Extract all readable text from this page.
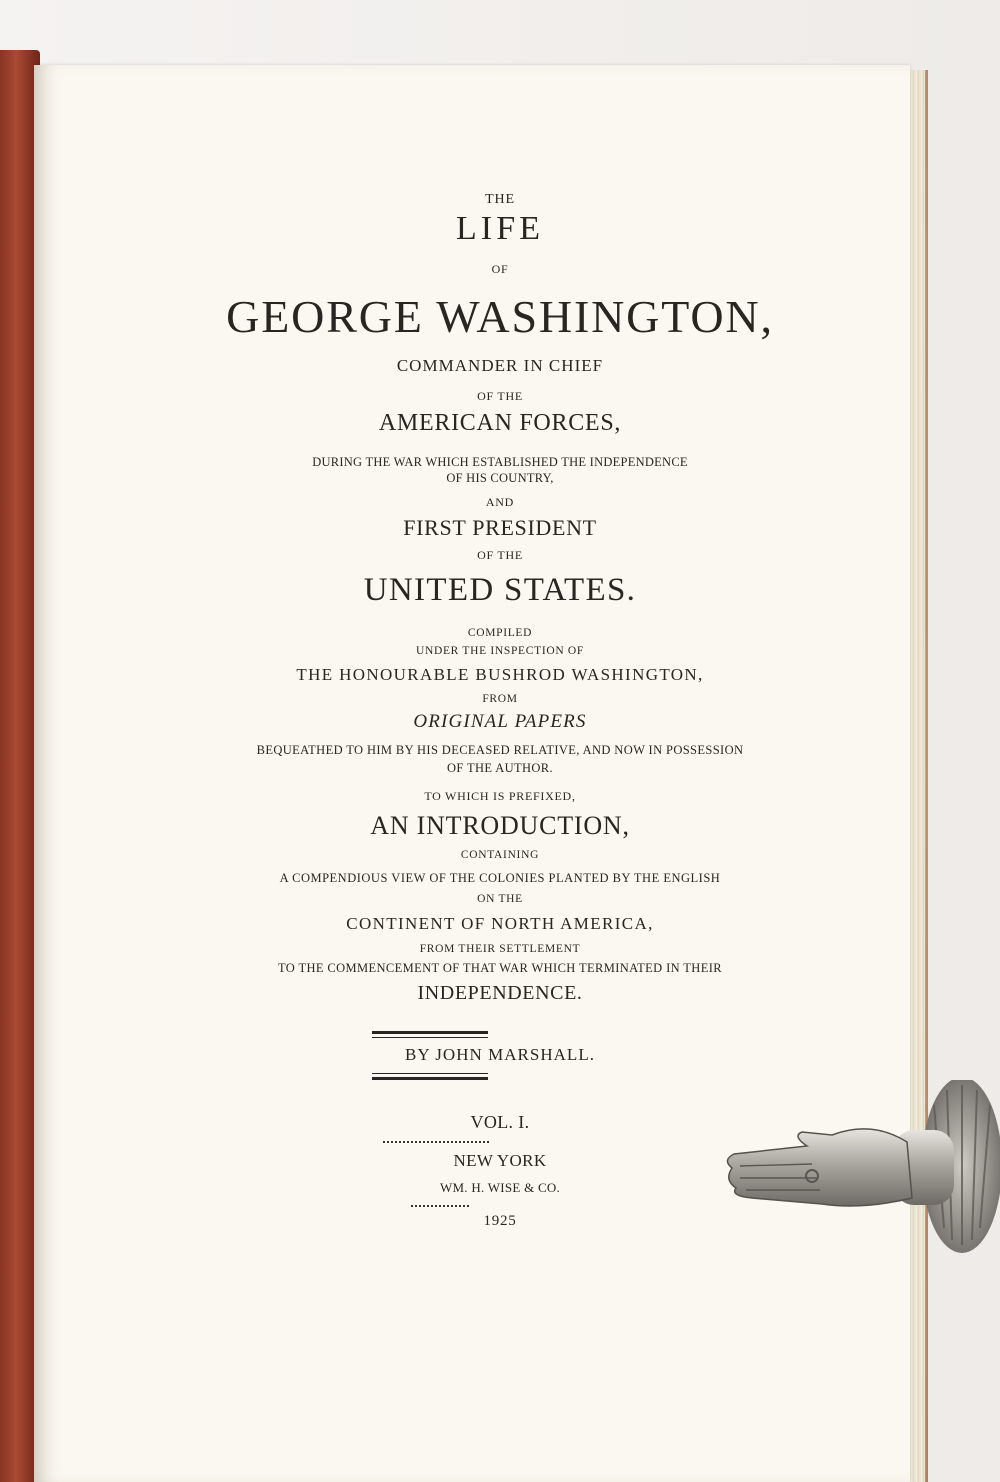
THE
LIFE
OF
GEORGE WASHINGTON,
COMMANDER IN CHIEF
OF THE
AMERICAN FORCES,
DURING THE WAR WHICH ESTABLISHED THE INDEPENDENCE
OF HIS COUNTRY,
AND
FIRST PRESIDENT
OF THE
UNITED STATES.
COMPILED
UNDER THE INSPECTION OF
THE HONOURABLE BUSHROD WASHINGTON,
FROM
ORIGINAL PAPERS
BEQUEATHED TO HIM BY HIS DECEASED RELATIVE, AND NOW IN POSSESSION
OF THE AUTHOR.
TO WHICH IS PREFIXED,
AN INTRODUCTION,
CONTAINING
A COMPENDIOUS VIEW OF THE COLONIES PLANTED BY THE ENGLISH
ON THE
CONTINENT OF NORTH AMERICA,
FROM THEIR SETTLEMENT
TO THE COMMENCEMENT OF THAT WAR WHICH TERMINATED IN THEIR
INDEPENDENCE.
BY JOHN MARSHALL.
VOL. I.
NEW YORK
WM. H. WISE & CO.
1925
